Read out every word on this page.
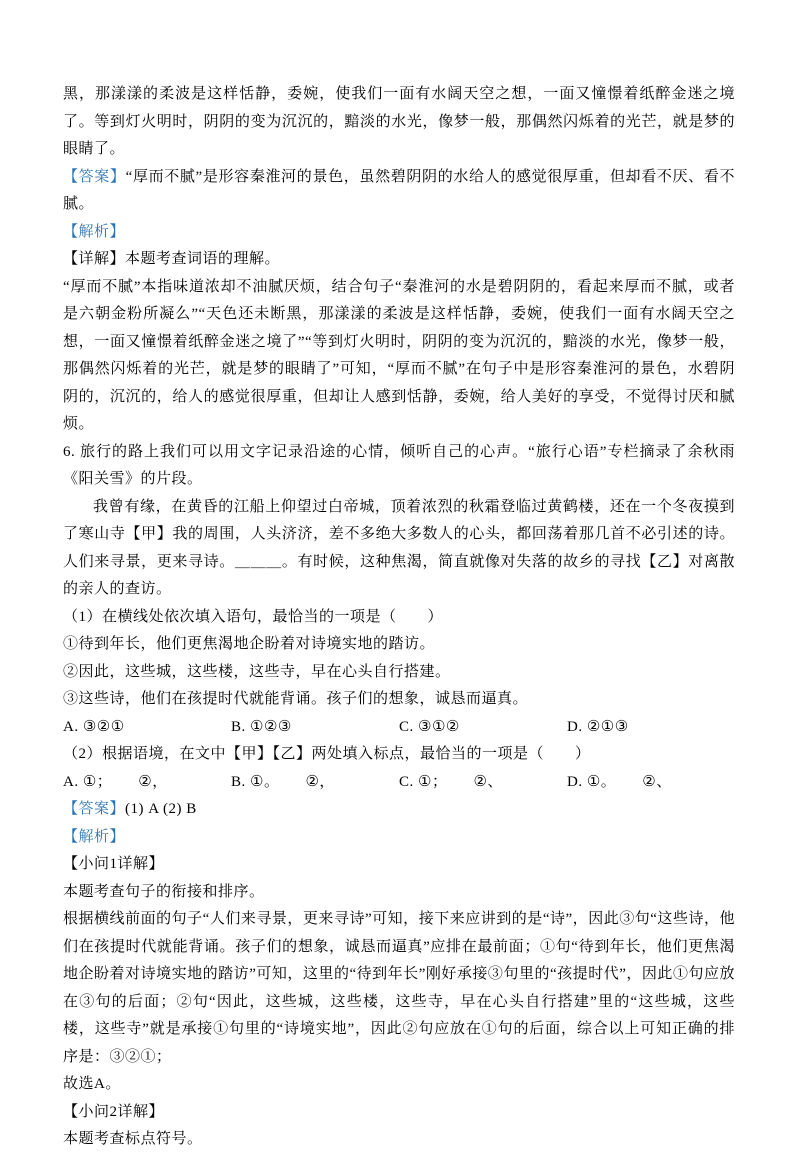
黑，那漾漾的柔波是这样恬静，委婉，使我们一面有水阔天空之想，一面又憧憬着纸醉金迷之境了。等到灯火明时，阴阴的变为沉沉的，黯淡的水光，像梦一般，那偶然闪烁着的光芒，就是梦的眼睛了。

【答案】“厚而不腻”是形容秦淮河的景色，虽然碧阴阴的水给人的感觉很厚重，但却看不厌、看不腻。

【解析】

【详解】本题考查词语的理解。

“厚而不腻”本指味道浓却不油腻厌烦，结合句子“秦淮河的水是碧阴阴的，看起来厚而不腻，或者是六朝金粉所凝么”“天色还未断黑，那漾漾的柔波是这样恬静，委婉，使我们一面有水阔天空之想，一面又憧憬着纸醉金迷之境了”“等到灯火明时，阴阴的变为沉沉的，黯淡的水光，像梦一般，那偶然闪烁着的光芒，就是梦的眼睛了”可知，“厚而不腻”在句子中是形容秦淮河的景色，水碧阴阴的，沉沉的，给人的感觉很厚重，但却让人感到恬静，委婉，给人美好的享受，不觉得讨厌和腻烦。

6. 旅行的路上我们可以用文字记录沿途的心情，倾听自己的心声。“旅行心语”专栏摘录了余秋雨《阳关雪》的片段。

我曾有缘，在黄昏的江船上仰望过白帝城，顶着浓烈的秋霜登临过黄鹤楼，还在一个冬夜摸到了寒山寺【甲】我的周围，人头济济，差不多绝大多数人的心头，都回荡着那几首不必引述的诗。人们来寻景，更来寻诗。＿＿＿。有时候，这种焦渴，简直就像对失落的故乡的寻找【乙】对离散的亲人的查访。

（1）在横线处依次填入语句，最恰当的一项是（　　）

①待到年长，他们更焦渴地企盼着对诗境实地的踏访。

②因此，这些城，这些楼，这些寺，早在心头自行搭建。

③这些诗，他们在孩提时代就能背诵。孩子们的想象，诚恳而逼真。

A. ③②①	B. ①②③	C. ③①②	D. ②①③

（2）根据语境，在文中【甲】【乙】两处填入标点，最恰当的一项是（　　）

A. ①； ②，	B. ①。 ②，	C. ①； ②、	D. ①。 ②、

【答案】(1) A (2) B

【解析】

【小问1详解】

本题考查句子的衔接和排序。

根据横线前面的句子“人们来寻景，更来寻诗”可知，接下来应讲到的是“诗”，因此③句“这些诗，他们在孩提时代就能背诵。孩子们的想象，诚恳而逼真”应排在最前面；①句“待到年长，他们更焦渴地企盼着对诗境实地的踏访”可知，这里的“待到年长”刚好承接③句里的“孩提时代”，因此①句应放在③句的后面；②句“因此，这些城，这些楼，这些寺，早在心头自行搭建”里的“这些城，这些楼，这些寺”就是承接①句里的“诗境实地”，因此②句应放在①句的后面，综合以上可知正确的排序是：③②①；

故选A。

【小问2详解】

本题考查标点符号。
